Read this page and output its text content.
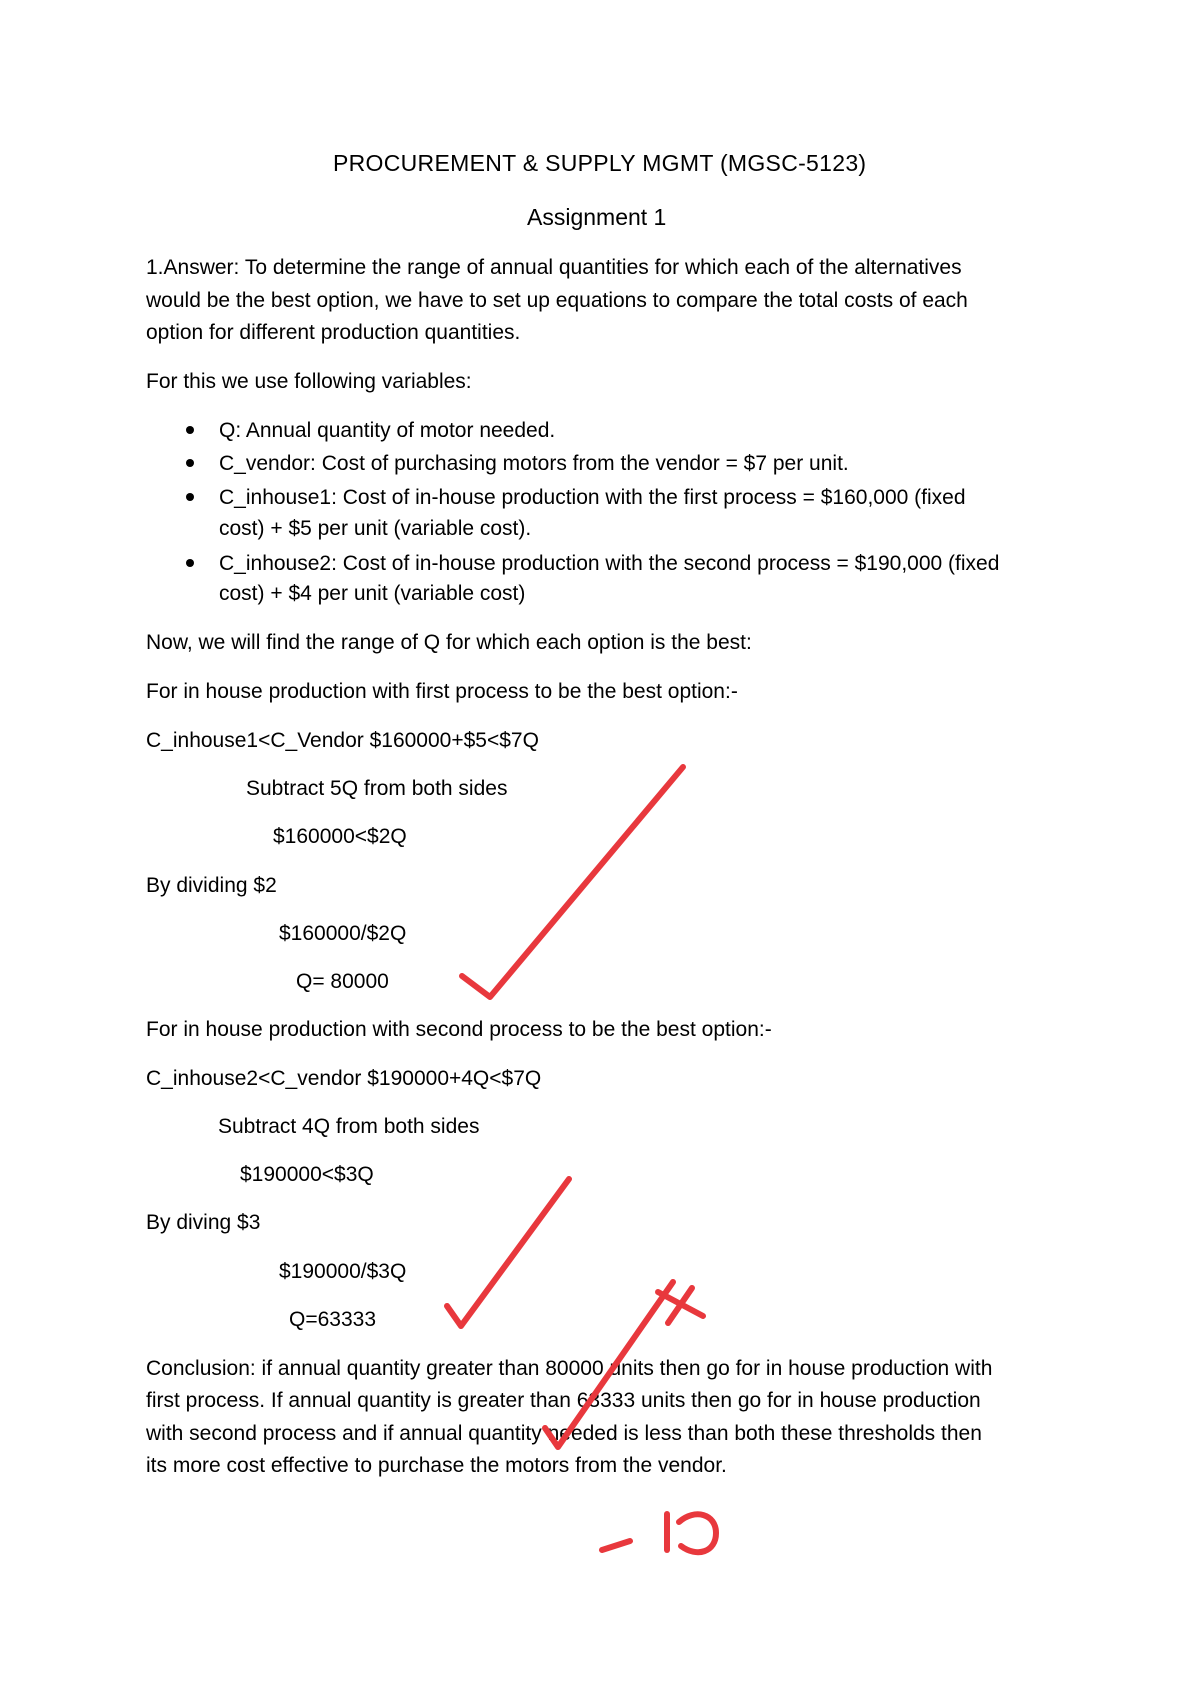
PROCUREMENT & SUPPLY MGMT (MGSC-5123)

Assignment 1

1.Answer: To determine the range of annual quantities for which each of the alternatives

would be the best option, we have to set up equations to compare the total costs of each

option for different production quantities.

For this we use following variables:

Q: Annual quantity of motor needed.

C_vendor: Cost of purchasing motors from the vendor = $7 per unit.

C_inhouse1: Cost of in-house production with the first process = $160,000 (fixed

cost) + $5 per unit (variable cost).

C_inhouse2: Cost of in-house production with the second process = $190,000 (fixed

cost) + $4 per unit (variable cost)

Now, we will find the range of Q for which each option is the best:

For in house production with first process to be the best option:-

C_inhouse1<C_Vendor $160000+$5<$7Q

Subtract 5Q from both sides

$160000<$2Q

By dividing $2

$160000/$2Q

Q= 80000

For in house production with second process to be the best option:-

C_inhouse2<C_vendor $190000+4Q<$7Q

Subtract 4Q from both sides

$190000<$3Q

By diving $3

$190000/$3Q

Q=63333

Conclusion: if annual quantity greater than 80000 units then go for in house production with

first process. If annual quantity is greater than 63333 units then go for in house production

with second process and if annual quantity needed is less than both these thresholds then

its more cost effective to purchase the motors from the vendor.
